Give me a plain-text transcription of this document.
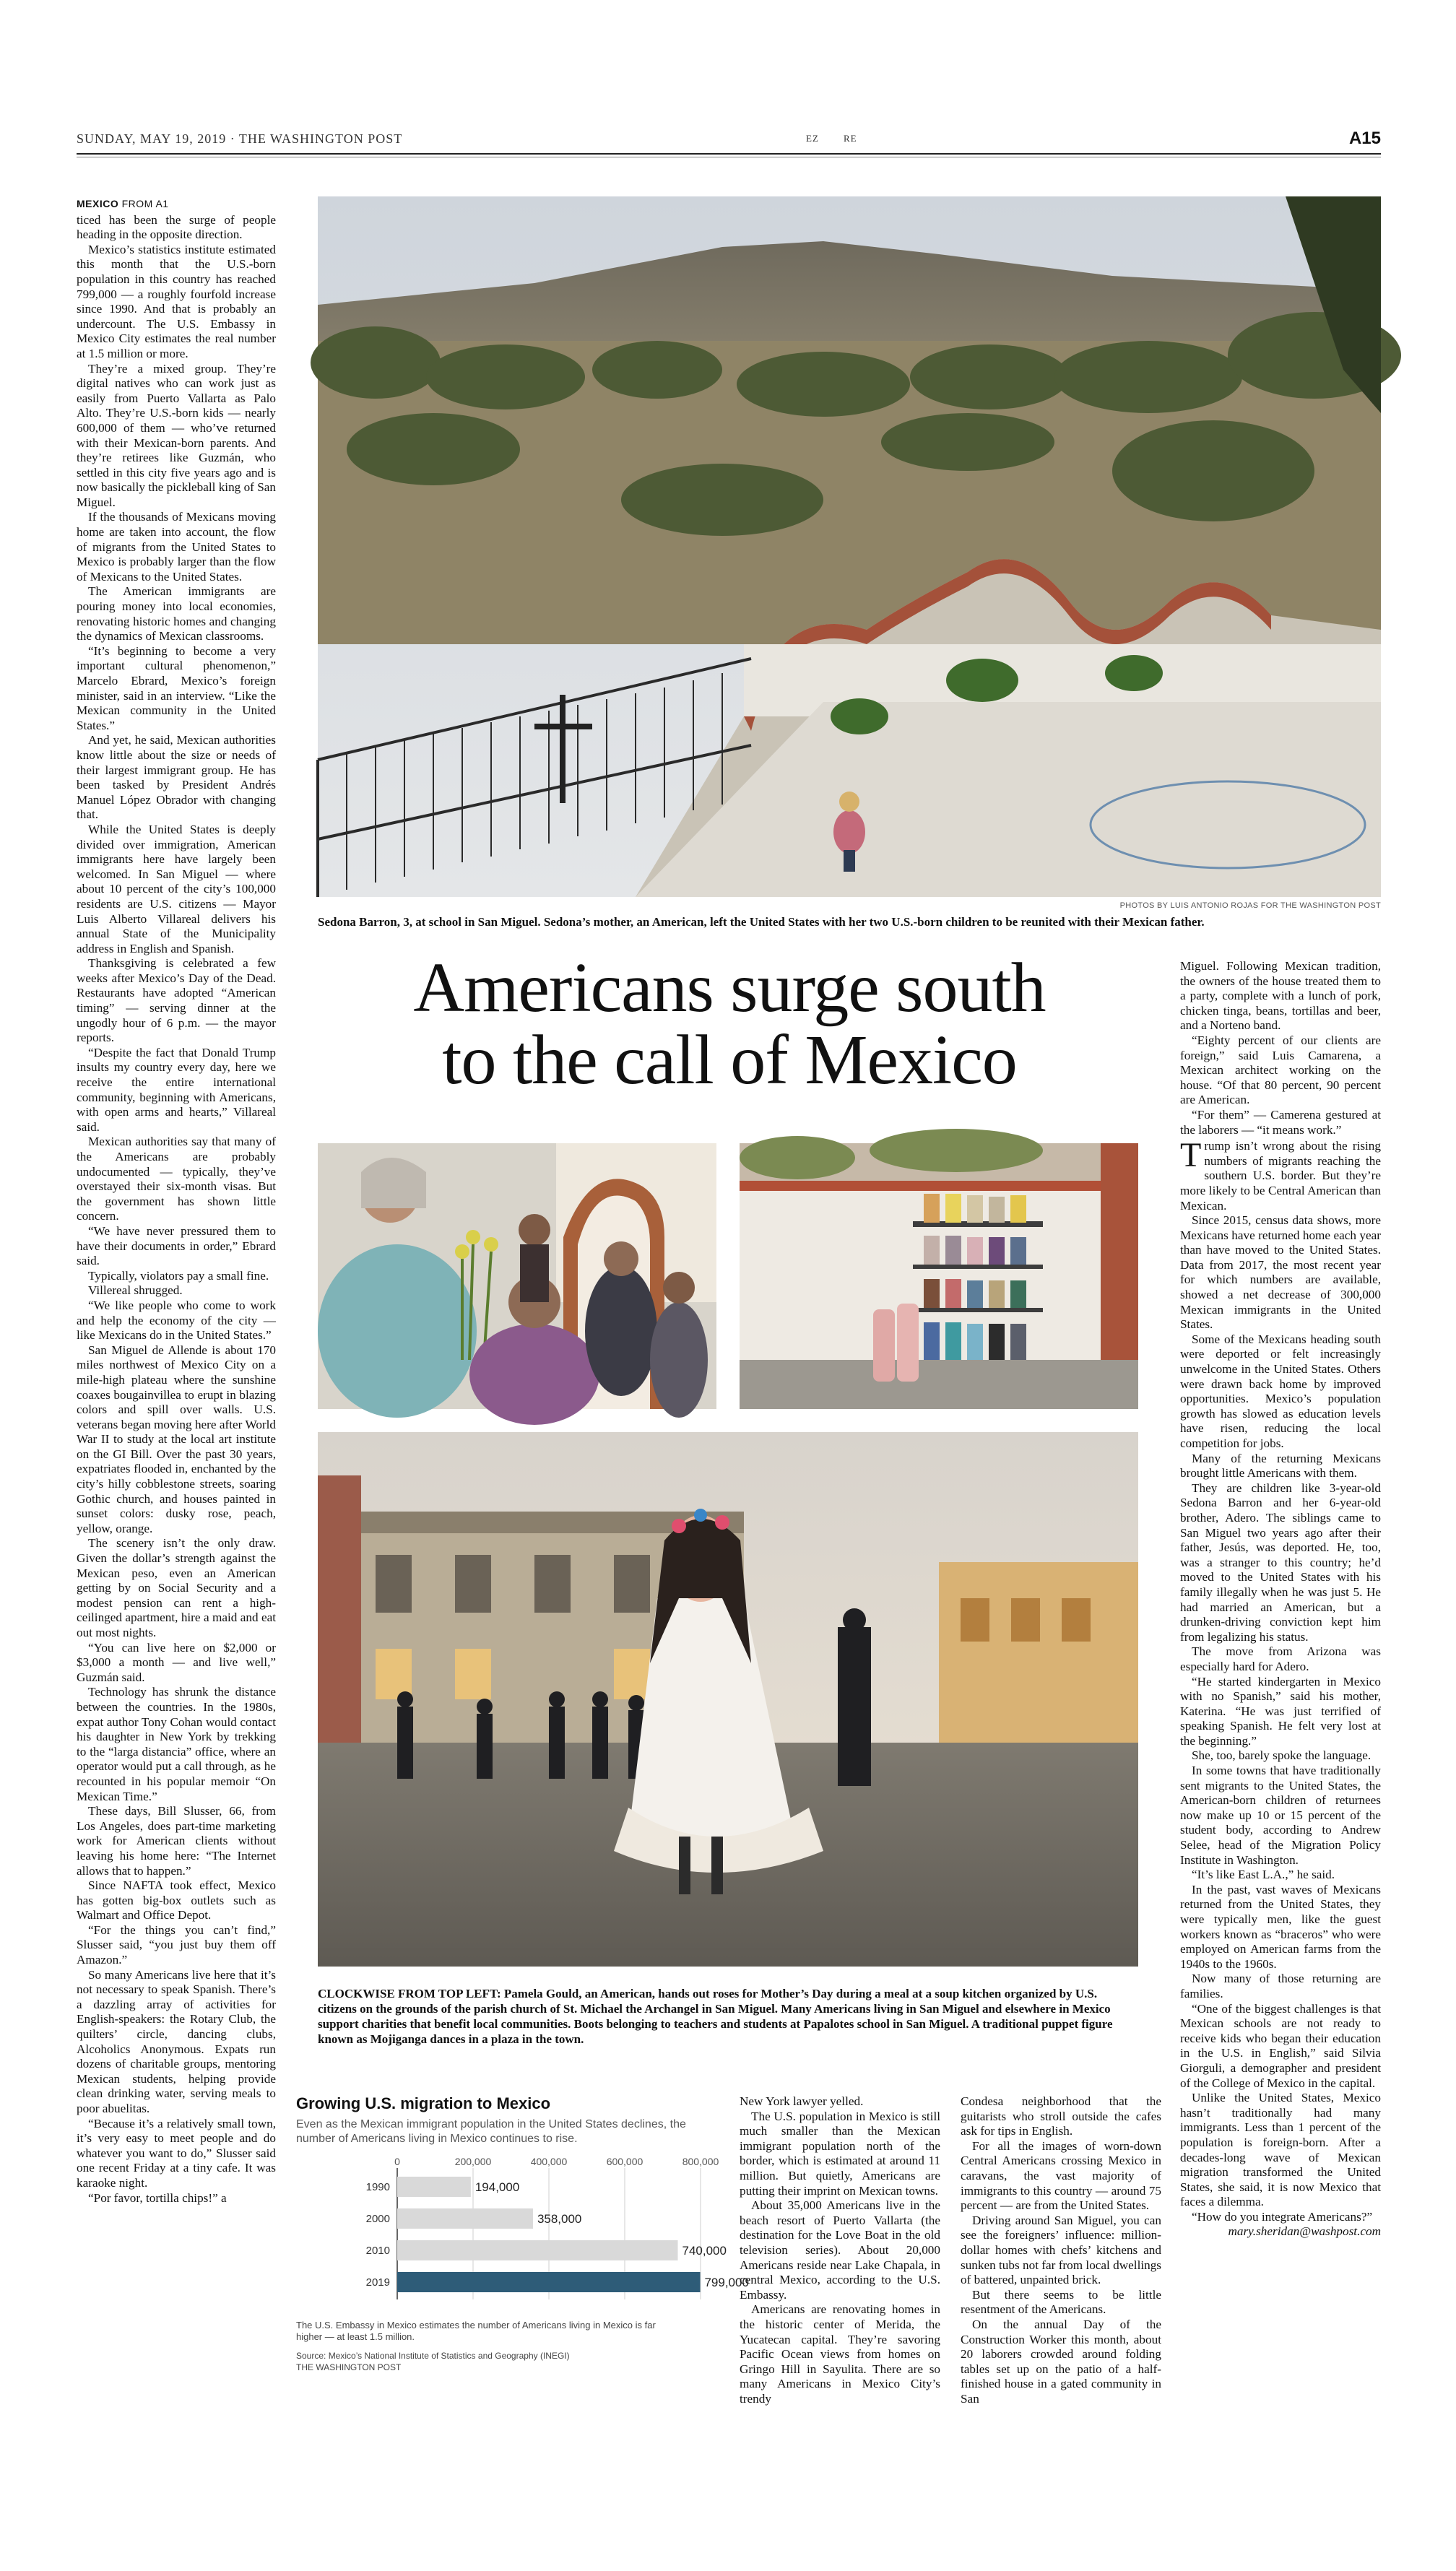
SUNDAY, MAY 19, 2019 · THE WASHINGTON POST	EZ	RE	A15
MEXICO FROM A1

ticed has been the surge of people heading in the opposite direction.

Mexico’s statistics institute estimated this month that the U.S.-born population in this country has reached 799,000 — a roughly fourfold increase since 1990. And that is probably an undercount. The U.S. Embassy in Mexico City estimates the real number at 1.5 million or more.

They’re a mixed group. They’re digital natives who can work just as easily from Puerto Vallarta as Palo Alto. They’re U.S.-born kids — nearly 600,000 of them — who’ve returned with their Mexican-born parents. And they’re retirees like Guzmán, who settled in this city five years ago and is now basically the pickleball king of San Miguel.

If the thousands of Mexicans moving home are taken into account, the flow of migrants from the United States to Mexico is probably larger than the flow of Mexicans to the United States.

The American immigrants are pouring money into local economies, renovating historic homes and changing the dynamics of Mexican classrooms.

“It’s beginning to become a very important cultural phenomenon,” Marcelo Ebrard, Mexico’s foreign minister, said in an interview. “Like the Mexican community in the United States.”

And yet, he said, Mexican authorities know little about the size or needs of their largest immigrant group. He has been tasked by President Andrés Manuel López Obrador with changing that.

While the United States is deeply divided over immigration, American immigrants here have largely been welcomed. In San Miguel — where about 10 percent of the city’s 100,000 residents are U.S. citizens — Mayor Luis Alberto Villareal delivers his annual State of the Municipality address in English and Spanish.

Thanksgiving is celebrated a few weeks after Mexico’s Day of the Dead. Restaurants have adopted “American timing” — serving dinner at the ungodly hour of 6 p.m. — the mayor reports.

“Despite the fact that Donald Trump insults my country every day, here we receive the entire international community, beginning with Americans, with open arms and hearts,” Villareal said.

Mexican authorities say that many of the Americans are probably undocumented — typically, they’ve overstayed their six-month visas. But the government has shown little concern.

“We have never pressured them to have their documents in order,” Ebrard said.

Typically, violators pay a small fine.

Villereal shrugged.

“We like people who come to work and help the economy of the city — like Mexicans do in the United States.”

San Miguel de Allende is about 170 miles northwest of Mexico City on a mile-high plateau where the sunshine coaxes bougainvillea to erupt in blazing colors and spill over walls. U.S. veterans began moving here after World War II to study at the local art institute on the GI Bill. Over the past 30 years, expatriates flooded in, enchanted by the city’s hilly cobblestone streets, soaring Gothic church, and houses painted in sunset colors: dusky rose, peach, yellow, orange.

The scenery isn’t the only draw. Given the dollar’s strength against the Mexican peso, even an American getting by on Social Security and a modest pension can rent a high-ceilinged apartment, hire a maid and eat out most nights.

“You can live here on $2,000 or $3,000 a month — and live well,” Guzmán said.

Technology has shrunk the distance between the countries. In the 1980s, expat author Tony Cohan would contact his daughter in New York by trekking to the “larga distancia” office, where an operator would put a call through, as he recounted in his popular memoir “On Mexican Time.”

These days, Bill Slusser, 66, from Los Angeles, does part-time marketing work for American clients without leaving his home here: “The Internet allows that to happen.”

Since NAFTA took effect, Mexico has gotten big-box outlets such as Walmart and Office Depot.

“For the things you can’t find,” Slusser said, “you just buy them off Amazon.”

So many Americans live here that it’s not necessary to speak Spanish. There’s a dazzling array of activities for English-speakers: the Rotary Club, the quilters’ circle, dancing clubs, Alcoholics Anonymous. Expats run dozens of charitable groups, mentoring Mexican students, helping provide clean drinking water, serving meals to poor abuelitas.

“Because it’s a relatively small town, it’s very easy to meet people and do whatever you want to do,” Slusser said one recent Friday at a tiny cafe. It was karaoke night.

“Por favor, tortilla chips!” a

PHOTOS BY LUIS ANTONIO ROJAS FOR THE WASHINGTON POST
Sedona Barron, 3, at school in San Miguel. Sedona’s mother, an American, left the United States with her two U.S.-born children to be reunited with their Mexican father.
Americans surge south
to the call of Mexico
CLOCKWISE FROM TOP LEFT: Pamela Gould, an American, hands out roses for Mother’s Day during a meal at a soup kitchen organized by U.S. citizens on the grounds of the parish church of St. Michael the Archangel in San Miguel. Many Americans living in San Miguel and elsewhere in Mexico support charities that benefit local communities. Boots belonging to teachers and students at Papalotes school in San Miguel. A traditional puppet figure known as Mojiganga dances in a plaza in the town.

Miguel. Following Mexican tradition, the owners of the house treated them to a party, complete with a lunch of pork, chicken tinga, beans, tortillas and beer, and a Norteno band.

“Eighty percent of our clients are foreign,” said Luis Camarena, a Mexican architect working on the house. “Of that 80 percent, 90 percent are American.

“For them” — Camerena gestured at the laborers — “it means work.”

Trump isn’t wrong about the rising numbers of migrants reaching the southern U.S. border. But they’re more likely to be Central American than Mexican.

Since 2015, census data shows, more Mexicans have returned home each year than have moved to the United States. Data from 2017, the most recent year for which numbers are available, showed a net decrease of 300,000 Mexican immigrants in the United States.

Some of the Mexicans heading south were deported or felt increasingly unwelcome in the United States. Others were drawn back home by improved opportunities. Mexico’s population growth has slowed as education levels have risen, reducing the local competition for jobs.

Many of the returning Mexicans brought little Americans with them.

They are children like 3-year-old Sedona Barron and her 6-year-old brother, Adero. The siblings came to San Miguel two years ago after their father, Jesús, was deported. He, too, was a stranger to this country; he’d moved to the United States with his family illegally when he was just 5. He had married an American, but a drunken-driving conviction kept him from legalizing his status.

The move from Arizona was especially hard for Adero.

“He started kindergarten in Mexico with no Spanish,” said his mother, Katerina. “He was just terrified of speaking Spanish. He felt very lost at the beginning.”

She, too, barely spoke the language.

In some towns that have traditionally sent migrants to the United States, the American-born children of returnees now make up 10 or 15 percent of the student body, according to Andrew Selee, head of the Migration Policy Institute in Washington.

“It’s like East L.A.,” he said.

In the past, vast waves of Mexicans returned from the United States, they were typically men, like the guest workers known as “braceros” who were employed on American farms from the 1940s to the 1960s.

Now many of those returning are families.

“One of the biggest challenges is that Mexican schools are not ready to receive kids who began their education in the U.S. in English,” said Silvia Giorguli, a demographer and president of the College of Mexico in the capital.

Unlike the United States, Mexico hasn’t traditionally had many immigrants. Less than 1 percent of the population is foreign-born. After a decades-long wave of Mexican migration transformed the United States, she said, it is now Mexico that faces a dilemma.

“How do you integrate Americans?”

mary.sheridan@washpost.com

New York lawyer yelled.

The U.S. population in Mexico is still much smaller than the Mexican immigrant population north of the border, which is estimated at around 11 million. But quietly, Americans are putting their imprint on Mexican towns.

About 35,000 Americans live in the beach resort of Puerto Vallarta (the destination for the Love Boat in the old television series). About 20,000 Americans reside near Lake Chapala, in central Mexico, according to the U.S. Embassy.

Americans are renovating homes in the historic center of Merida, the Yucatecan capital. They’re savoring Pacific Ocean views from homes on Gringo Hill in Sayulita. There are so many Americans in Mexico City’s trendy

Condesa neighborhood that the guitarists who stroll outside the cafes ask for tips in English.

For all the images of worn-down Central Americans crossing Mexico in caravans, the vast majority of immigrants to this country — around 75 percent — are from the United States.

Driving around San Miguel, you can see the foreigners’ influence: million-dollar homes with chefs’ kitchens and sunken tubs not far from local dwellings of battered, unpainted brick.

But there seems to be little resentment of the Americans.

On the annual Day of the Construction Worker this month, about 20 laborers crowded around folding tables set up on the patio of a half-finished house in a gated community in San

Growing U.S. migration to Mexico
Even as the Mexican immigrant population in the United States declines, the number of Americans living in Mexico continues to rise.
0	200,000	400,000	600,000	800,000
1990	194,000
2000	358,000
2010	740,000
2019	799,000
The U.S. Embassy in Mexico estimates the number of Americans living in Mexico is far higher — at least 1.5 million.
Source: Mexico’s National Institute of Statistics and Geography (INEGI)
THE WASHINGTON POST
